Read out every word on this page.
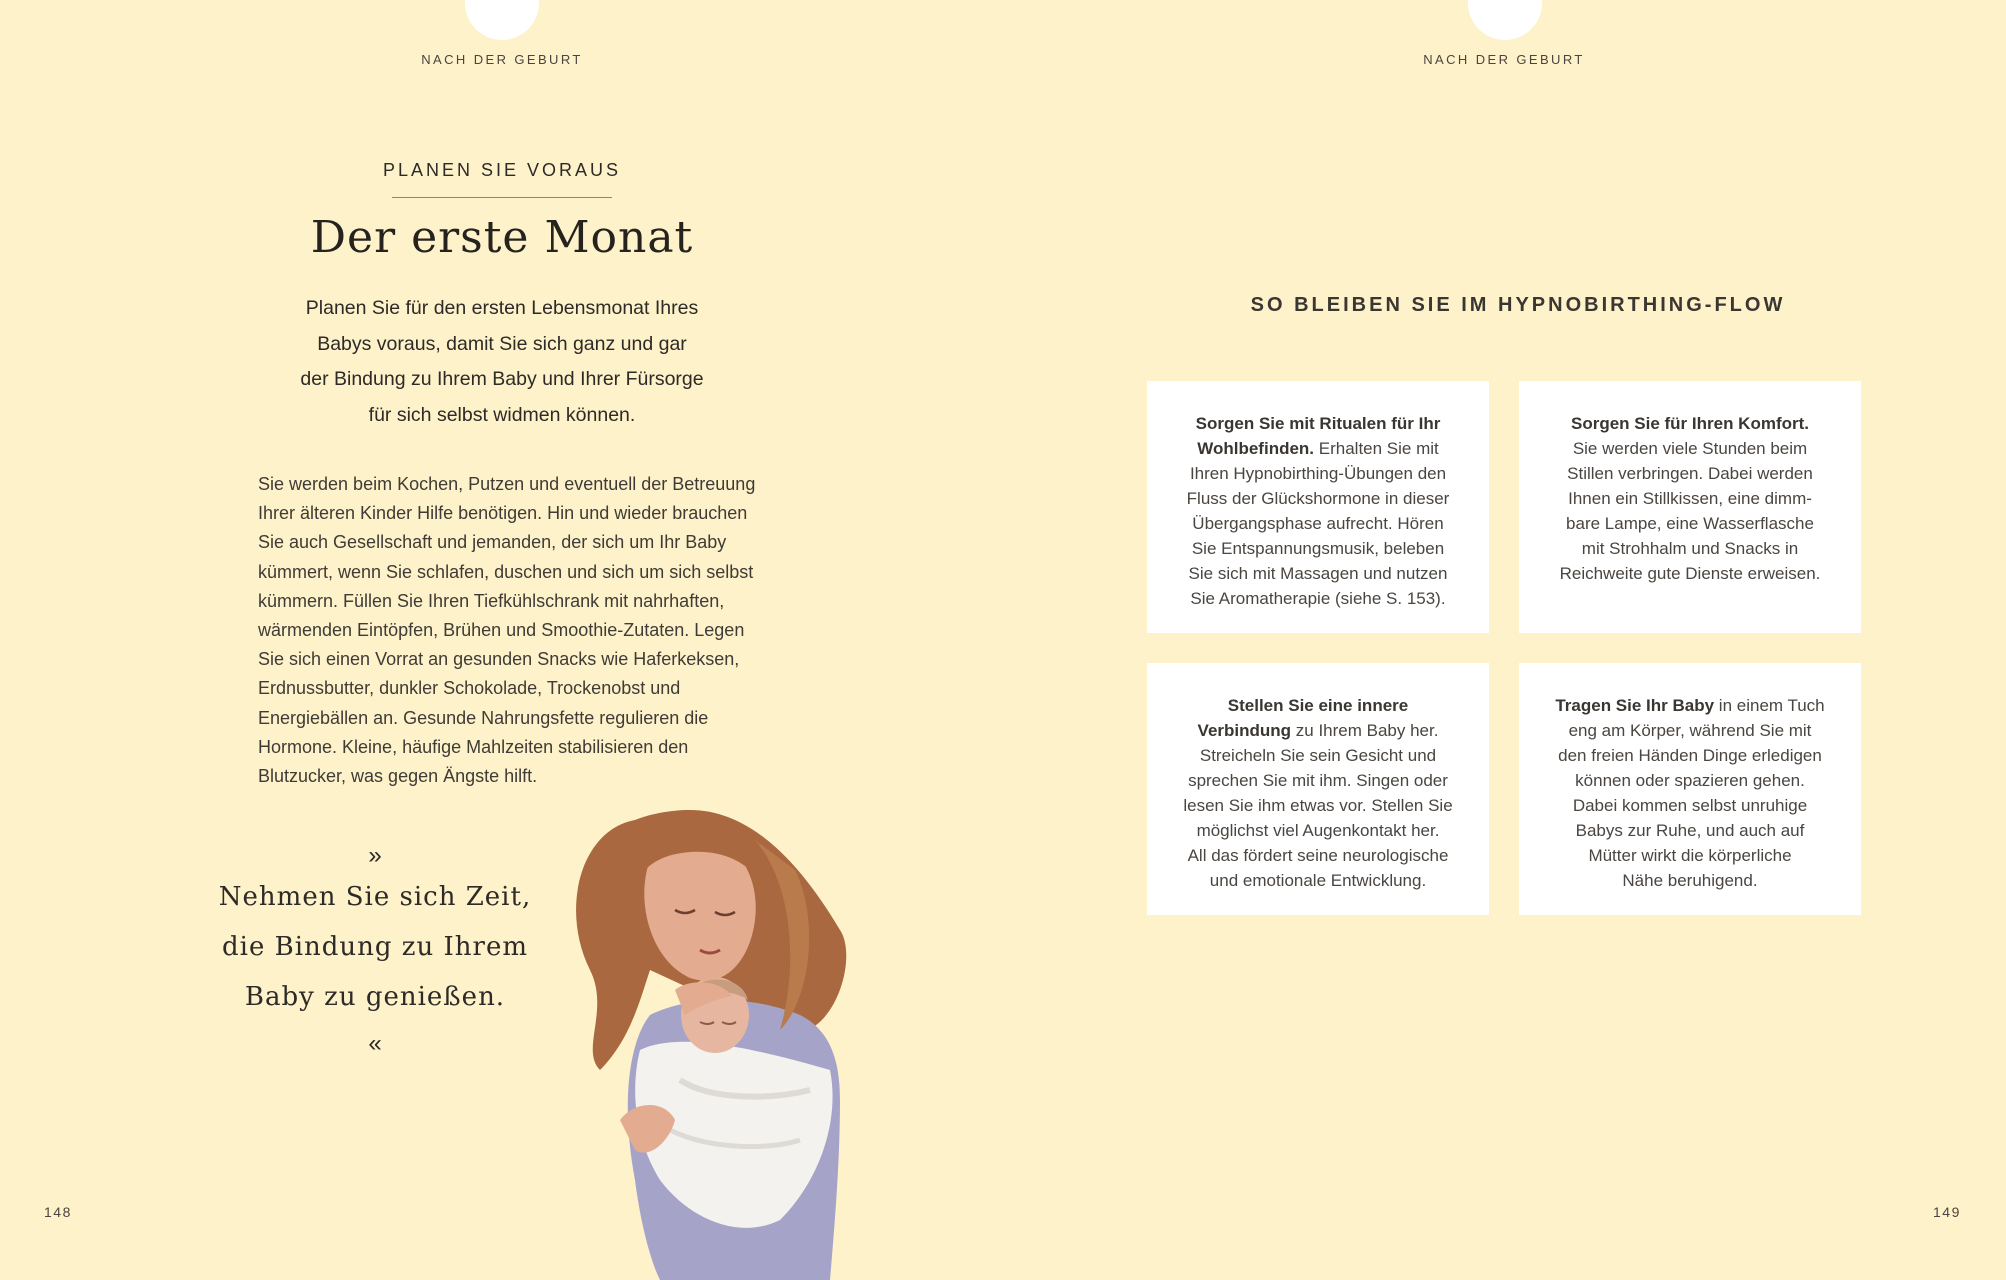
NACH DER GEBURT
PLANEN SIE VORAUS
Der erste Monat
Planen Sie für den ersten Lebensmonat Ihres
Babys voraus, damit Sie sich ganz und gar
der Bindung zu Ihrem Baby und Ihrer Fürsorge
für sich selbst widmen können.
Sie werden beim Kochen, Putzen und eventuell der Betreuung
Ihrer älteren Kinder Hilfe benötigen. Hin und wieder brauchen
Sie auch Gesellschaft und jemanden, der sich um Ihr Baby
kümmert, wenn Sie schlafen, duschen und sich um sich selbst
kümmern. Füllen Sie Ihren Tiefkühlschrank mit nahrhaften,
wärmenden Eintöpfen, Brühen und Smoothie-Zutaten. Legen
Sie sich einen Vorrat an gesunden Snacks wie Haferkeksen,
Erdnussbutter, dunkler Schokolade, Trockenobst und
Energiebällen an. Gesunde Nahrungsfette regulieren die
Hormone. Kleine, häufige Mahlzeiten stabilisieren den
Blutzucker, was gegen Ängste hilft.
»
Nehmen Sie sich Zeit,
die Bindung zu Ihrem
Baby zu genießen.
«
148
NACH DER GEBURT
SO BLEIBEN SIE IM HYPNOBIRTHING-FLOW
Sorgen Sie mit Ritualen für Ihr
Wohlbefinden. Erhalten Sie mit
Ihren Hypnobirthing-Übungen den
Fluss der Glückshormone in dieser
Übergangsphase aufrecht. Hören
Sie Entspannungsmusik, beleben
Sie sich mit Massagen und nutzen
Sie Aromatherapie (siehe S. 153).
Sorgen Sie für Ihren Komfort.
Sie werden viele Stunden beim
Stillen verbringen. Dabei werden
Ihnen ein Stillkissen, eine dimm-
bare Lampe, eine Wasserflasche
mit Strohhalm und Snacks in
Reichweite gute Dienste erweisen.
Stellen Sie eine innere
Verbindung zu Ihrem Baby her.
Streicheln Sie sein Gesicht und
sprechen Sie mit ihm. Singen oder
lesen Sie ihm etwas vor. Stellen Sie
möglichst viel Augenkontakt her.
All das fördert seine neurologische
und emotionale Entwicklung.
Tragen Sie Ihr Baby in einem Tuch
eng am Körper, während Sie mit
den freien Händen Dinge erledigen
können oder spazieren gehen.
Dabei kommen selbst unruhige
Babys zur Ruhe, und auch auf
Mütter wirkt die körperliche
Nähe beruhigend.
149
